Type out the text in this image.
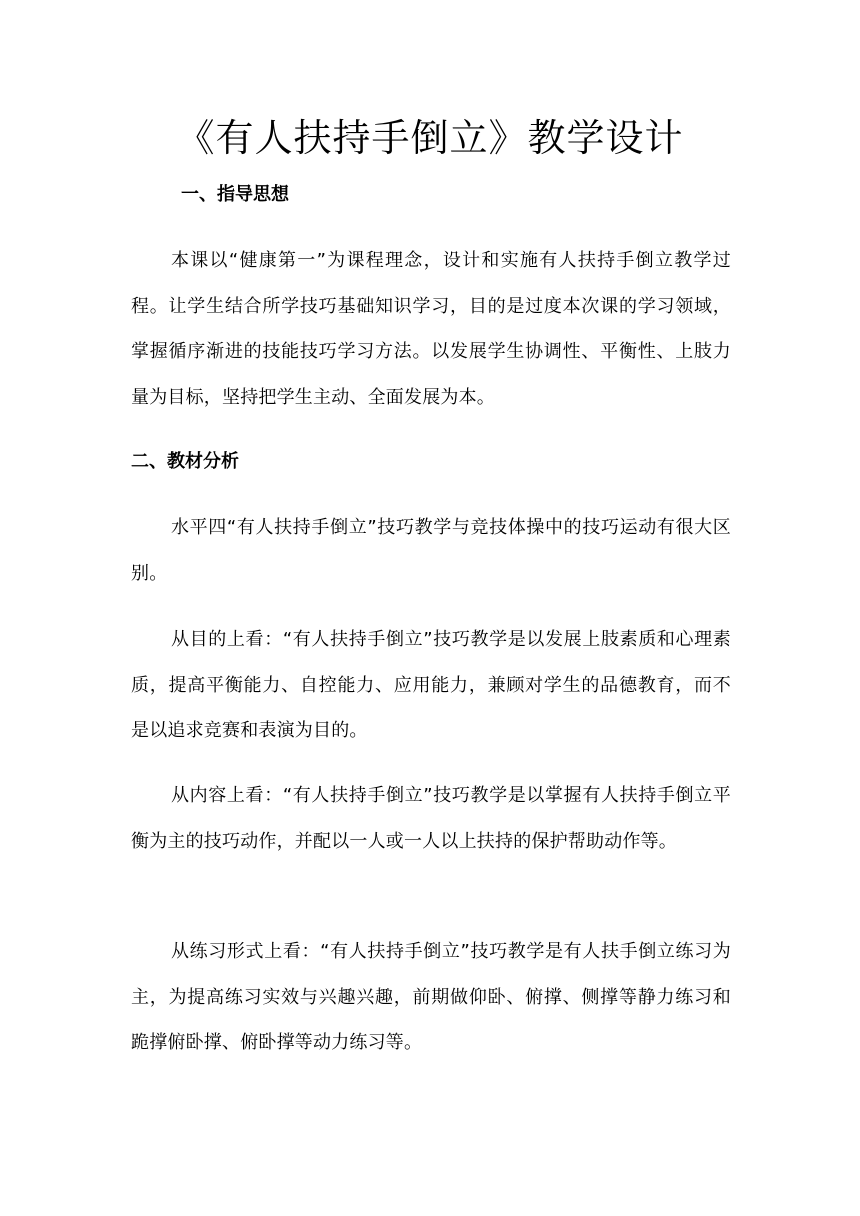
《有人扶持手倒立》教学设计
一、指导思想

本课以“健康第一”为课程理念，设计和实施有人扶持手倒立教学过程。让学生结合所学技巧基础知识学习，目的是过度本次课的学习领域，掌握循序渐进的技能技巧学习方法。以发展学生协调性、平衡性、上肢力量为目标，坚持把学生主动、全面发展为本。

二、教材分析

水平四“有人扶持手倒立”技巧教学与竞技体操中的技巧运动有很大区别。

从目的上看：“有人扶持手倒立”技巧教学是以发展上肢素质和心理素质，提高平衡能力、自控能力、应用能力，兼顾对学生的品德教育，而不是以追求竞赛和表演为目的。

从内容上看：“有人扶持手倒立”技巧教学是以掌握有人扶持手倒立平衡为主的技巧动作，并配以一人或一人以上扶持的保护帮助动作等。

从练习形式上看：“有人扶持手倒立”技巧教学是有人扶手倒立练习为主，为提高练习实效与兴趣兴趣，前期做仰卧、俯撑、侧撑等静力练习和跪撑俯卧撑、俯卧撑等动力练习等。
